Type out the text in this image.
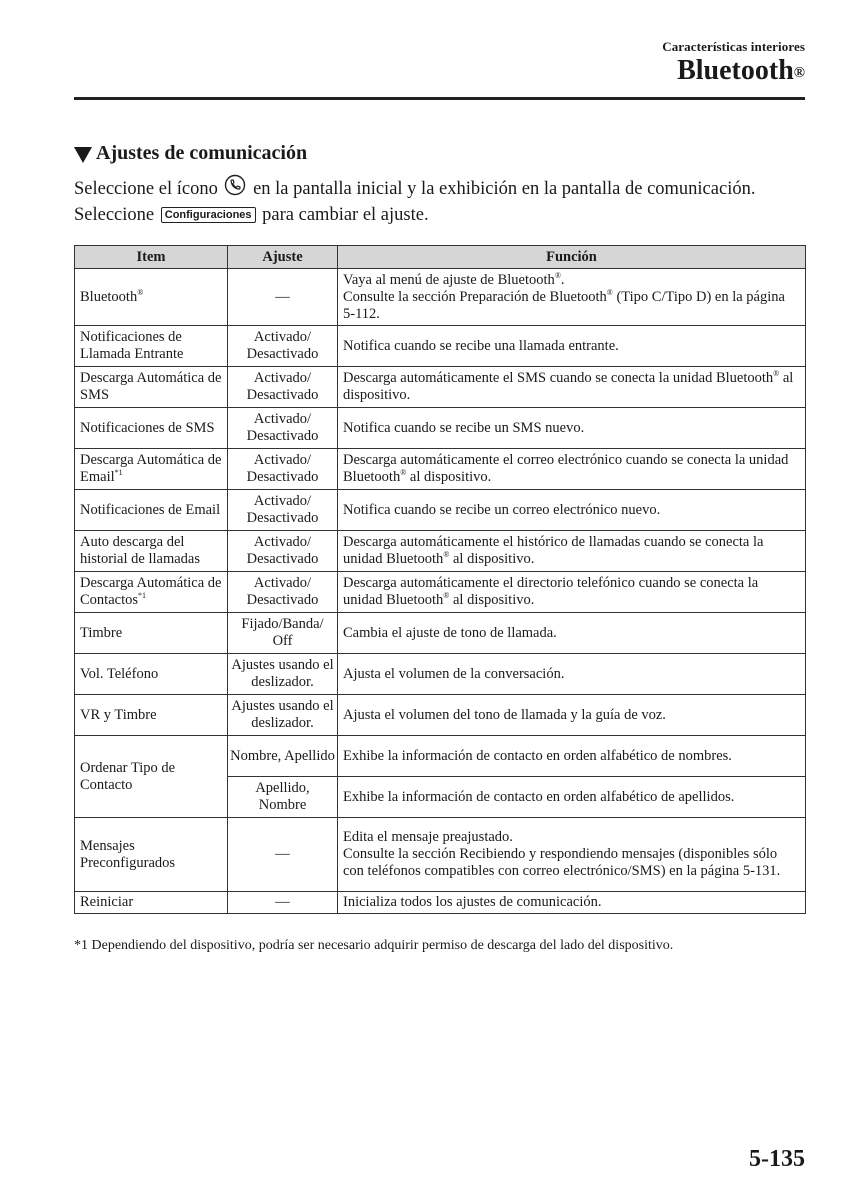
Características interiores
Bluetooth®
Ajustes de comunicación
Seleccione el ícono en la pantalla inicial y la exhibición en la pantalla de comunicación.
Seleccione Configuraciones para cambiar el ajuste.
Item	Ajuste	Función
Bluetooth®	—	Vaya al menú de ajuste de Bluetooth®.
Consulte la sección Preparación de Bluetooth® (Tipo C/Tipo D) en la página 5-112.

Notificaciones de Llamada Entrante	Activado/ Desactivado	Notifica cuando se recibe una llamada entrante.
Descarga Automática de SMS	Activado/ Desactivado	Descarga automáticamente el SMS cuando se conecta la unidad Bluetooth® al dispositivo.
Notificaciones de SMS	Activado/ Desactivado	Notifica cuando se recibe un SMS nuevo.
Descarga Automática de Email$^{*1}$	Activado/ Desactivado	Descarga automáticamente el correo electrónico cuando se conecta la unidad Bluetooth® al dispositivo.
Notificaciones de Email	Activado/ Desactivado	Notifica cuando se recibe un correo electrónico nuevo.
Auto descarga del historial de llamadas	Activado/ Desactivado	Descarga automáticamente el histórico de llamadas cuando se conecta la unidad Bluetooth® al dispositivo.
Descarga Automática de Contactos$^{*1}$	Activado/ Desactivado	Descarga automáticamente el directorio telefónico cuando se conecta la unidad Bluetooth® al dispositivo.
Timbre	Fijado/Banda/ Off	Cambia el ajuste de tono de llamada.
Vol. Teléfono	Ajustes usando el deslizador.	Ajusta el volumen de la conversación.
VR y Timbre	Ajustes usando el deslizador.	Ajusta el volumen del tono de llamada y la guía de voz.
Ordenar Tipo de Contacto	Nombre, Apellido	Exhibe la información de contacto en orden alfabético de nombres.
	Apellido, Nombre	Exhibe la información de contacto en orden alfabético de apellidos.
Mensajes Preconfigurados	—	Edita el mensaje preajustado.
Consulte la sección Recibiendo y respondiendo mensajes (disponibles sólo con teléfonos compatibles con correo electrónico/SMS) en la página 5-131.

Reiniciar	—	Inicializa todos los ajustes de comunicación.
*1 Dependiendo del dispositivo, podría ser necesario adquirir permiso de descarga del lado del dispositivo.
5-135
